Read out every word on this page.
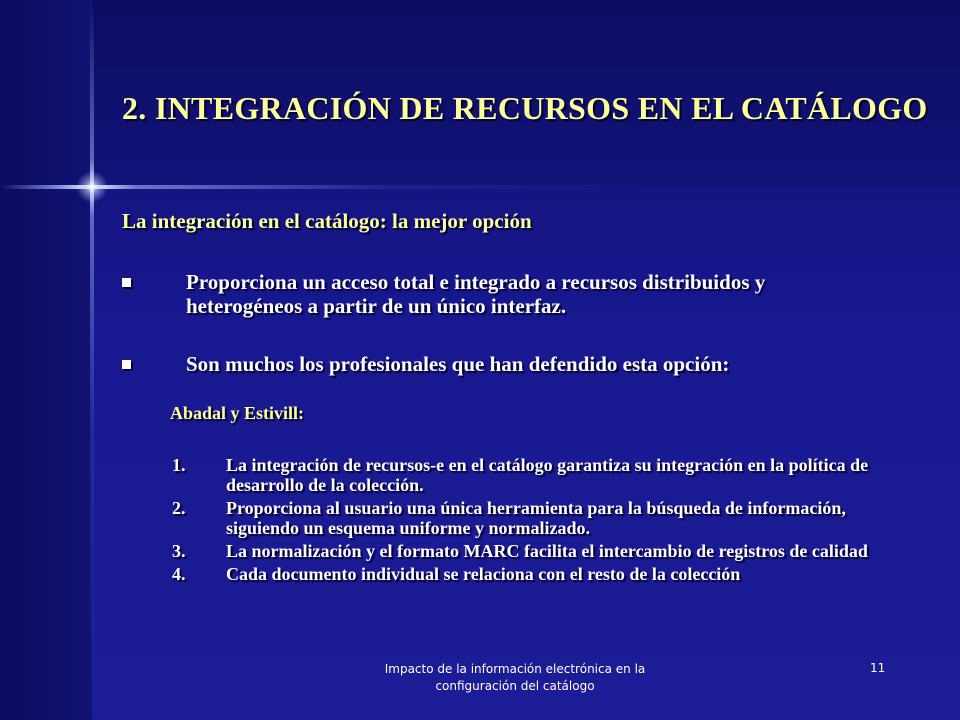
2. INTEGRACIÓN DE RECURSOS EN EL CATÁLOGO

La integración en el catálogo: la mejor opción

Proporciona un acceso total e integrado a recursos distribuidos y heterogéneos a partir de un único interfaz.
Son muchos los profesionales que han defendido esta opción:

Abadal y Estivill:

1. La integración de recursos-e en el catálogo garantiza su integración en la política de desarrollo de la colección.
2. Proporciona al usuario una única herramienta para la búsqueda de información, siguiendo un esquema uniforme y normalizado.
3. La normalización y el formato MARC facilita el intercambio de registros de calidad
4. Cada documento individual se relaciona con el resto de la colección
Impacto de la información electrónica en la configuración del catálogo
11
